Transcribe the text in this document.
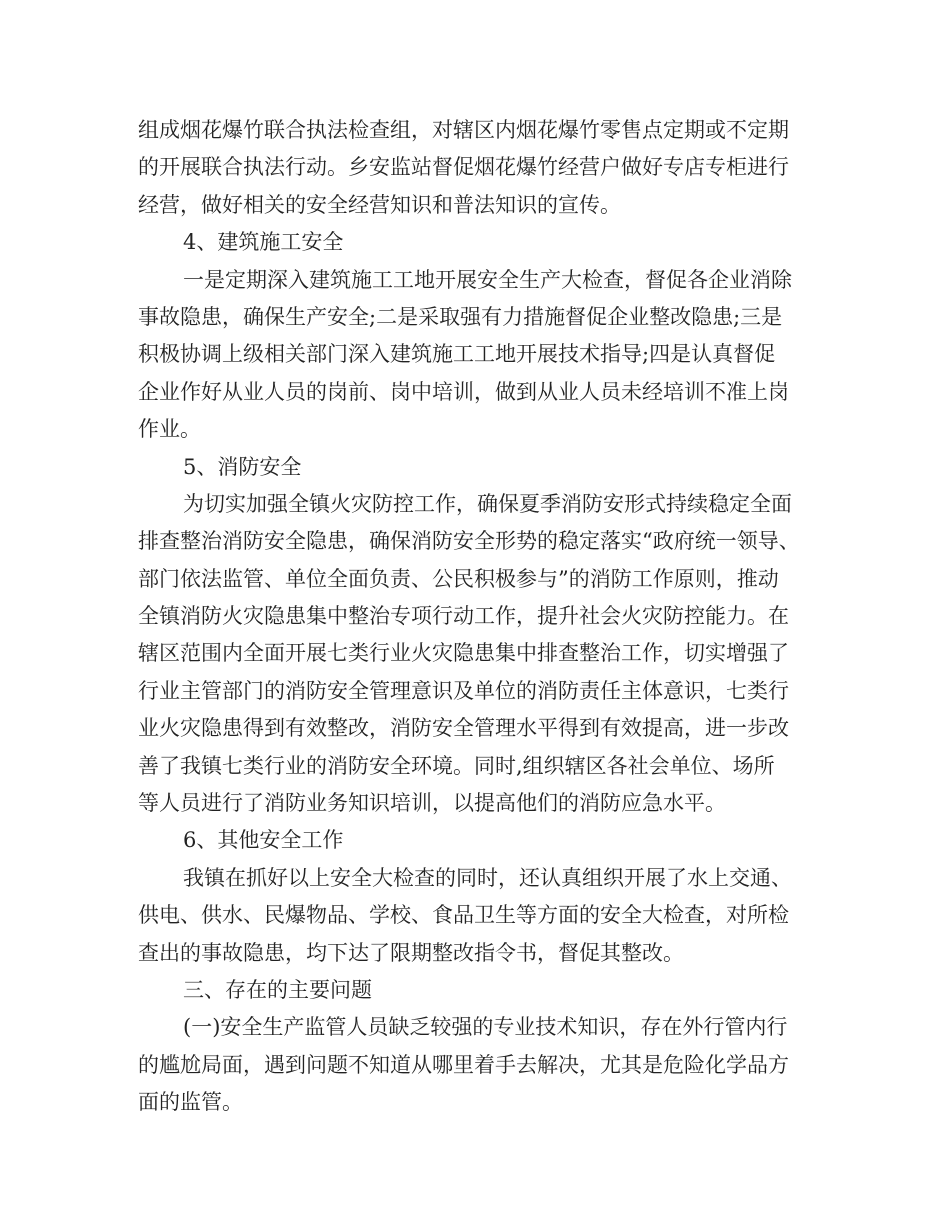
组成烟花爆竹联合执法检查组，对辖区内烟花爆竹零售点定期或不定期
的开展联合执法行动。乡安监站督促烟花爆竹经营户做好专店专柜进行
经营，做好相关的安全经营知识和普法知识的宣传。
4、建筑施工安全
一是定期深入建筑施工工地开展安全生产大检查，督促各企业消除
事故隐患，确保生产安全;二是采取强有力措施督促企业整改隐患;三是
积极协调上级相关部门深入建筑施工工地开展技术指导;四是认真督促
企业作好从业人员的岗前、岗中培训，做到从业人员未经培训不准上岗
作业。
5、消防安全
为切实加强全镇火灾防控工作，确保夏季消防安形式持续稳定全面
排查整治消防安全隐患，确保消防安全形势的稳定落实“政府统一领导、
部门依法监管、单位全面负责、公民积极参与”的消防工作原则，推动
全镇消防火灾隐患集中整治专项行动工作，提升社会火灾防控能力。在
辖区范围内全面开展七类行业火灾隐患集中排查整治工作，切实增强了
行业主管部门的消防安全管理意识及单位的消防责任主体意识，七类行
业火灾隐患得到有效整改，消防安全管理水平得到有效提高，进一步改
善了我镇七类行业的消防安全环境。同时,组织辖区各社会单位、场所
等人员进行了消防业务知识培训，以提高他们的消防应急水平。
6、其他安全工作
我镇在抓好以上安全大检查的同时，还认真组织开展了水上交通、
供电、供水、民爆物品、学校、食品卫生等方面的安全大检查，对所检
查出的事故隐患，均下达了限期整改指令书，督促其整改。
三、存在的主要问题
(一)安全生产监管人员缺乏较强的专业技术知识，存在外行管内行
的尴尬局面，遇到问题不知道从哪里着手去解决，尤其是危险化学品方
面的监管。
